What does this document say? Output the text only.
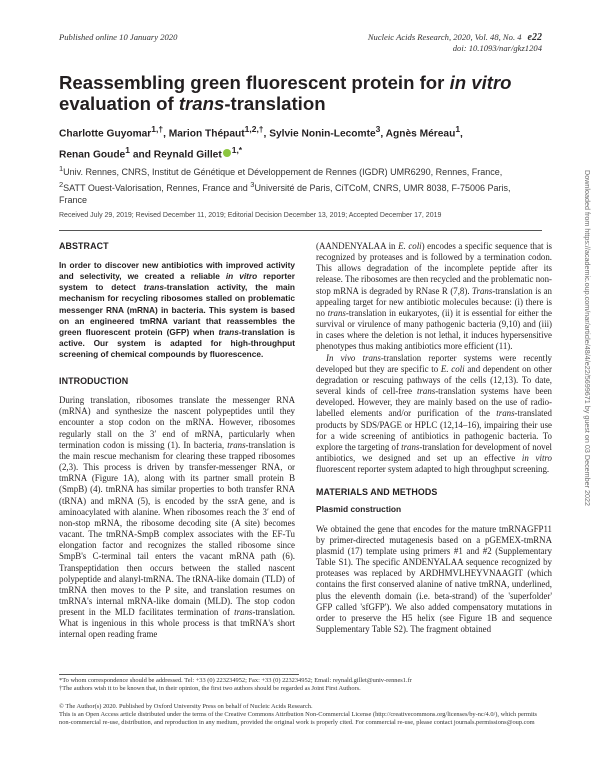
Published online 10 January 2020	Nucleic Acids Research, 2020, Vol. 48, No. 4 e22
doi: 10.1093/nar/gkz1204
Reassembling green fluorescent protein for in vitro evaluation of trans-translation
Charlotte Guyomar$^{1,\dagger}$, Marion Thépaut$^{1,2,\dagger}$, Sylvie Nonin-Lecomte$^3$, Agnès Méreau$^1$,
Renan Goude$^1$ and Reynald Gillet $^{1,*}$
$^1$Univ. Rennes, CNRS, Institut de Génétique et Développement de Rennes (IGDR) UMR6290, Rennes, France,
$^2$SATT Ouest-Valorisation, Rennes, France and $^3$Université de Paris, CiTCoM, CNRS, UMR 8038, F-75006 Paris,
France
Received July 29, 2019; Revised December 11, 2019; Editorial Decision December 13, 2019; Accepted December 17, 2019
ABSTRACT

In order to discover new antibiotics with improved activity and selectivity, we created a reliable in vitro reporter system to detect trans-translation activity, the main mechanism for recycling ribosomes stalled on problematic messenger RNA (mRNA) in bacteria. This system is based on an engineered tmRNA variant that reassembles the green fluorescent protein (GFP) when trans-translation is active. Our system is adapted for high-throughput screening of chemical compounds by fluorescence.

INTRODUCTION

During translation, ribosomes translate the messenger RNA (mRNA) and synthesize the nascent polypeptides until they encounter a stop codon on the mRNA. However, ribosomes regularly stall on the 3′ end of mRNA, particularly when termination codon is missing (1). In bacteria, trans-translation is the main rescue mechanism for clearing these trapped ribosomes (2,3). This process is driven by transfer-messenger RNA, or tmRNA (Figure 1A), along with its partner small protein B (SmpB) (4). tmRNA has similar properties to both transfer RNA (tRNA) and mRNA (5), is encoded by the ssrA gene, and is aminoacylated with alanine. When ribosomes reach the 3′ end of non-stop mRNA, the ribosome decoding site (A site) becomes vacant. The tmRNA-SmpB complex associates with the EF-Tu elongation factor and recognizes the stalled ribosome since SmpB's C-terminal tail enters the vacant mRNA path (6). Transpeptidation then occurs between the stalled nascent polypeptide and alanyl-tmRNA. The tRNA-like domain (TLD) of tmRNA then moves to the P site, and translation resumes on tmRNA's internal mRNA-like domain (MLD). The stop codon present in the MLD facilitates termination of trans-translation. What is ingenious in this whole process is that tmRNA's short internal open reading frame

(AANDENYALAA in E. coli) encodes a specific sequence that is recognized by proteases and is followed by a termination codon. This allows degradation of the incomplete peptide after its release. The ribosomes are then recycled and the problematic non-stop mRNA is degraded by RNase R (7,8). Trans-translation is an appealing target for new antibiotic molecules because: (i) there is no trans-translation in eukaryotes, (ii) it is essential for either the survival or virulence of many pathogenic bacteria (9,10) and (iii) in cases where the deletion is not lethal, it induces hypersensitive phenotypes thus making antibiotics more efficient (11).

In vivo trans-translation reporter systems were recently developed but they are specific to E. coli and dependent on other degradation or rescuing pathways of the cells (12,13). To date, several kinds of cell-free trans-translation systems have been developed. However, they are mainly based on the use of radio-labelled elements and/or purification of the trans-translated products by SDS/PAGE or HPLC (12,14–16), impairing their use for a wide screening of antibiotics in pathogenic bacteria. To explore the targeting of trans-translation for development of novel antibiotics, we designed and set up an effective in vitro fluorescent reporter system adapted to high throughput screening.

MATERIALS AND METHODS
Plasmid construction

We obtained the gene that encodes for the mature tmRNAGFP11 by primer-directed mutagenesis based on a pGEMEX-tmRNA plasmid (17) template using primers #1 and #2 (Supplementary Table S1). The specific ANDENYALAA sequence recognized by proteases was replaced by ARDHMVLHEYVNAAGIT (which contains the first conserved alanine of native tmRNA, underlined, plus the eleventh domain (i.e. beta-strand) of the 'superfolder' GFP called 'sfGFP'). We also added compensatory mutations in order to preserve the H5 helix (see Figure 1B and sequence Supplementary Table S2). The fragment obtained

*To whom correspondence should be addressed. Tel: +33 (0) 223234952; Fax: +33 (0) 223234952; Email: reynald.gillet@univ-rennes1.fr
†The authors wish it to be known that, in their opinion, the first two authors should be regarded as Joint First Authors.
© The Author(s) 2020. Published by Oxford University Press on behalf of Nucleic Acids Research.
This is an Open Access article distributed under the terms of the Creative Commons Attribution Non-Commercial License (http://creativecommons.org/licenses/by-nc/4.0/), which permits non-commercial re-use, distribution, and reproduction in any medium, provided the original work is properly cited. For commercial re-use, please contact journals.permissions@oup.com
Downloaded from https://academic.oup.com/nar/article/48/4/e22/5699671 by guest on 03 December 2022
